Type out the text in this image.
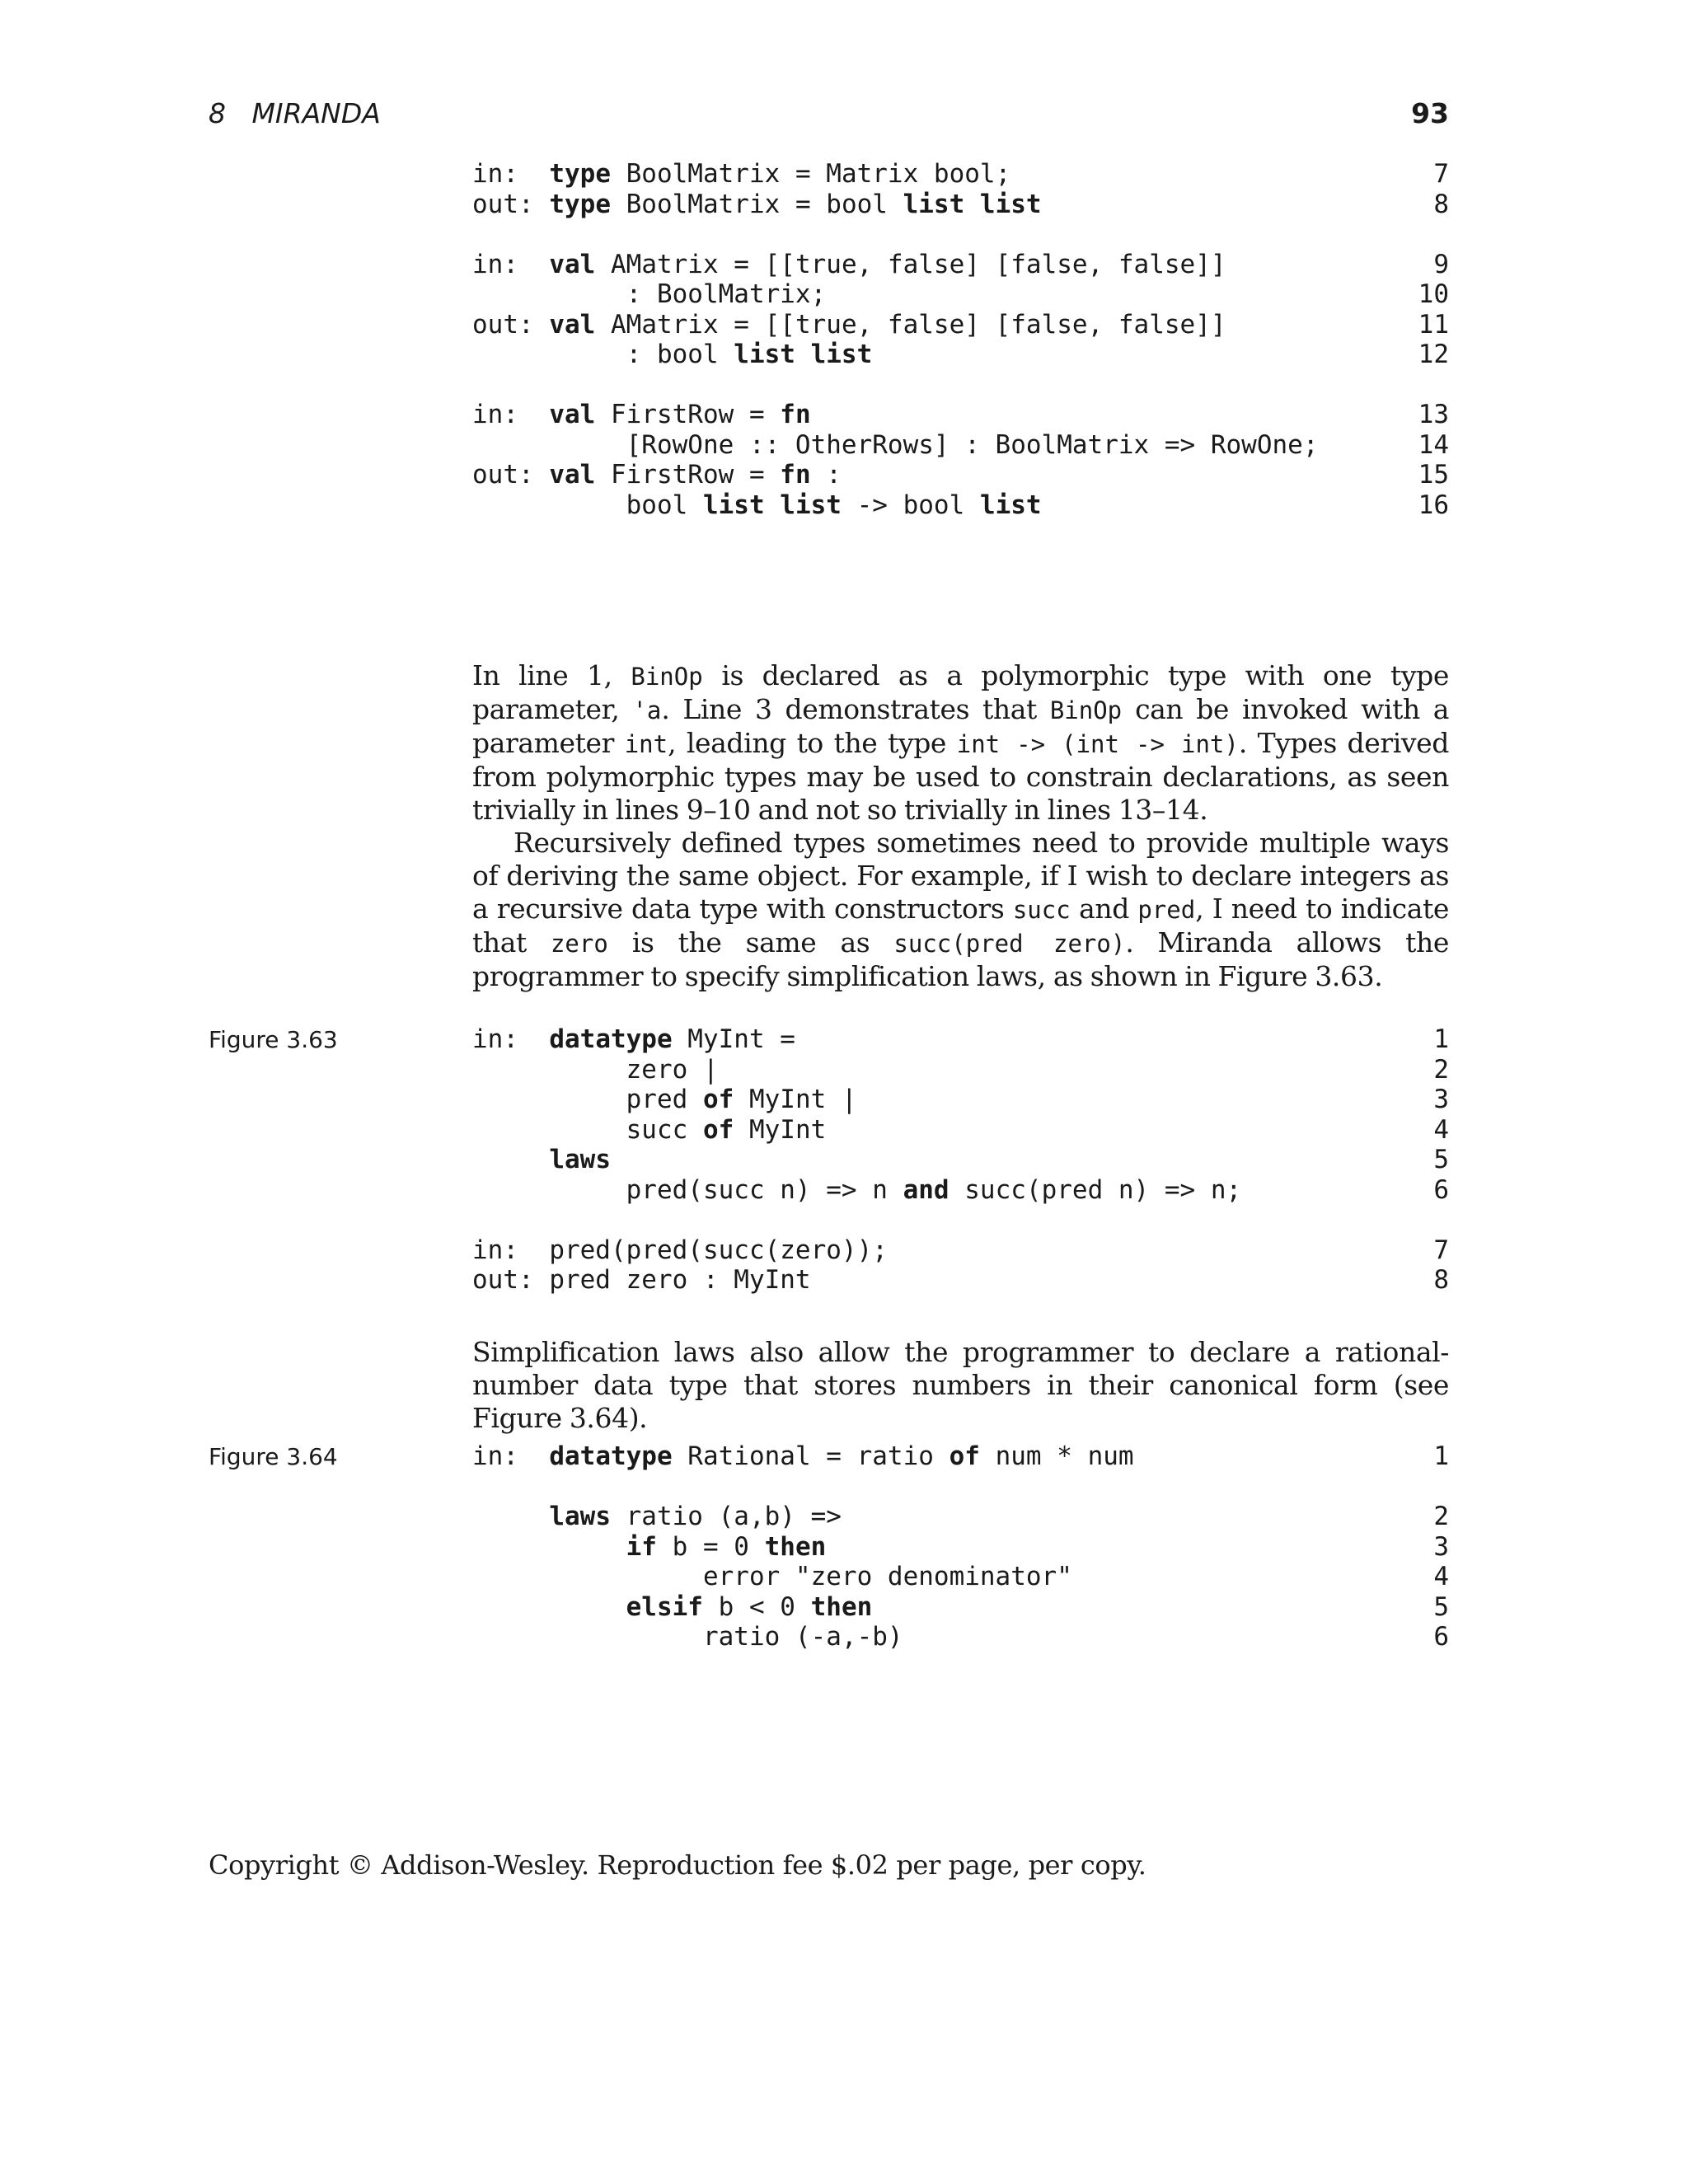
8   MIRANDA	93
in:  type BoolMatrix = Matrix bool;	7
out: type BoolMatrix = bool list list	8
in:  val AMatrix = [[true, false] [false, false]]	9
: BoolMatrix;	10
out: val AMatrix = [[true, false] [false, false]]	11
: bool list list	12
in:  val FirstRow = fn	13
[RowOne :: OtherRows] : BoolMatrix => RowOne;	14
out: val FirstRow = fn :	15
bool list list -> bool list	16

In line 1, BinOp is declared as a polymorphic type with one type parameter, 'a. Line 3 demonstrates that BinOp can be invoked with a parameter int, leading to the type int -> (int -> int). Types derived from polymorphic types may be used to constrain declarations, as seen trivially in lines 9–10 and not so trivially in lines 13–14.

Recursively defined types sometimes need to provide multiple ways of deriving the same object. For example, if I wish to declare integers as a recursive data type with constructors succ and pred, I need to indicate that zero is the same as succ(pred zero). Miranda allows the programmer to specify simplification laws, as shown in Figure 3.63.

Figure 3.63	in:  datatype MyInt =	1
zero |	2
pred of MyInt |	3
succ of MyInt	4
laws	5
pred(succ n) => n and succ(pred n) => n;	6
in:  pred(pred(succ(zero));	7
out: pred zero : MyInt	8

Simplification laws also allow the programmer to declare a rational-number data type that stores numbers in their canonical form (see Figure 3.64).

Figure 3.64	in:  datatype Rational = ratio of num * num	1
laws ratio (a,b) =>	2
if b = 0 then	3
error "zero denominator"	4
elsif b < 0 then	5
ratio (-a,-b)	6
Copyright © Addison-Wesley. Reproduction fee $.02 per page, per copy.
